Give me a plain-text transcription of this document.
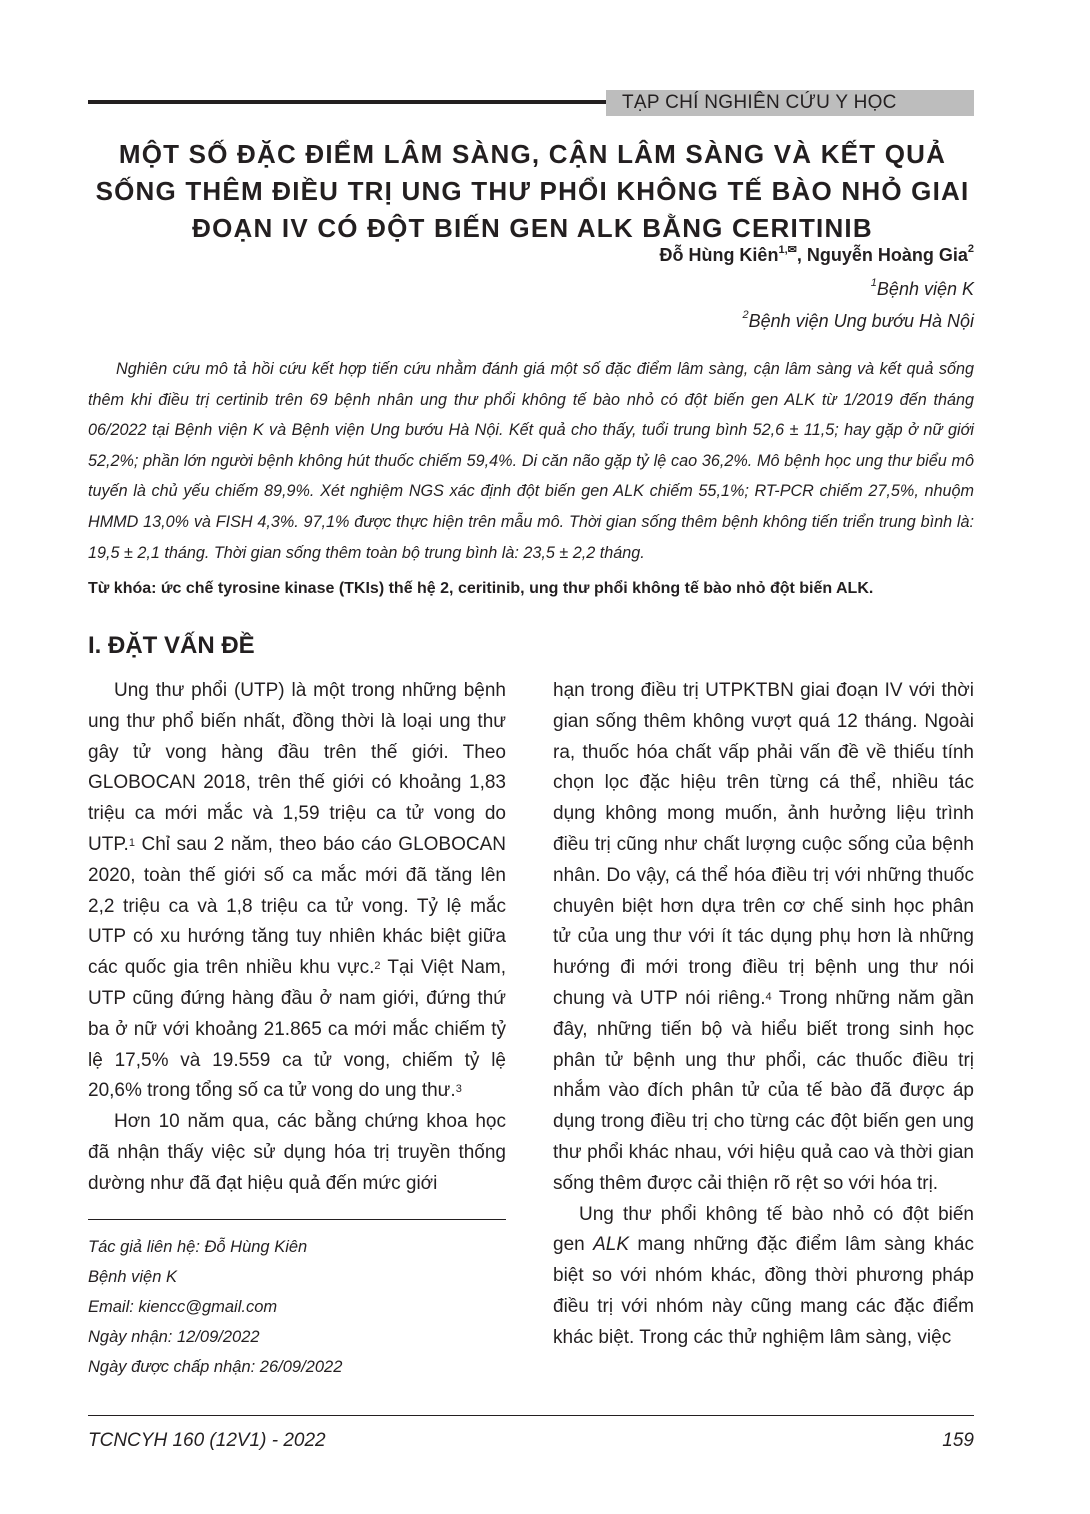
TẠP CHÍ NGHIÊN CỨU Y HỌC
MỘT SỐ ĐẶC ĐIỂM LÂM SÀNG, CẬN LÂM SÀNG VÀ KẾT QUẢ SỐNG THÊM ĐIỀU TRỊ UNG THƯ PHỔI KHÔNG TẾ BÀO NHỎ GIAI ĐOẠN IV CÓ ĐỘT BIẾN GEN ALK BẰNG CERITINIB
Đỗ Hùng Kiên$^{1,✉}$, Nguyễn Hoàng Gia$^2$
$^1$Bệnh viện K
$^2$Bệnh viện Ung bướu Hà Nội
Nghiên cứu mô tả hồi cứu kết hợp tiến cứu nhằm đánh giá một số đặc điểm lâm sàng, cận lâm sàng và kết quả sống thêm khi điều trị certinib trên 69 bệnh nhân ung thư phổi không tế bào nhỏ có đột biến gen ALK từ 1/2019 đến tháng 06/2022 tại Bệnh viện K và Bệnh viện Ung bướu Hà Nội. Kết quả cho thấy, tuổi trung bình 52,6 ± 11,5; hay gặp ở nữ giới 52,2%; phần lớn người bệnh không hút thuốc chiếm 59,4%. Di căn não gặp tỷ lệ cao 36,2%. Mô bệnh học ung thư biểu mô tuyến là chủ yếu chiếm 89,9%. Xét nghiệm NGS xác định đột biến gen ALK chiếm 55,1%; RT-PCR chiếm 27,5%, nhuộm HMMD 13,0% và FISH 4,3%. 97,1% được thực hiện trên mẫu mô. Thời gian sống thêm bệnh không tiến triển trung bình là: 19,5 ± 2,1 tháng. Thời gian sống thêm toàn bộ trung bình là: 23,5 ± 2,2 tháng.
Từ khóa: ức chế tyrosine kinase (TKIs) thế hệ 2, ceritinib, ung thư phổi không tế bào nhỏ đột biến ALK.
I. ĐẶT VẤN ĐỀ

Ung thư phổi (UTP) là một trong những bệnh ung thư phổ biến nhất, đồng thời là loại ung thư gây tử vong hàng đầu trên thế giới. Theo GLOBOCAN 2018, trên thế giới có khoảng 1,83 triệu ca mới mắc và 1,59 triệu ca tử vong do UTP.$^1$ Chỉ sau 2 năm, theo báo cáo GLOBOCAN 2020, toàn thế giới số ca mắc mới đã tăng lên 2,2 triệu ca và 1,8 triệu ca tử vong. Tỷ lệ mắc UTP có xu hướng tăng tuy nhiên khác biệt giữa các quốc gia trên nhiều khu vực.$^2$ Tại Việt Nam, UTP cũng đứng hàng đầu ở nam giới, đứng thứ ba ở nữ với khoảng 21.865 ca mới mắc chiếm tỷ lệ 17,5% và 19.559 ca tử vong, chiếm tỷ lệ 20,6% trong tổng số ca tử vong do ung thư.$^3$

Hơn 10 năm qua, các bằng chứng khoa học đã nhận thấy việc sử dụng hóa trị truyền thống dường như đã đạt hiệu quả đến mức giới

hạn trong điều trị UTPKTBN giai đoạn IV với thời gian sống thêm không vượt quá 12 tháng. Ngoài ra, thuốc hóa chất vấp phải vấn đề về thiếu tính chọn lọc đặc hiệu trên từng cá thể, nhiều tác dụng không mong muốn, ảnh hưởng liệu trình điều trị cũng như chất lượng cuộc sống của bệnh nhân. Do vậy, cá thể hóa điều trị với những thuốc chuyên biệt hơn dựa trên cơ chế sinh học phân tử của ung thư với ít tác dụng phụ hơn là những hướng đi mới trong điều trị bệnh ung thư nói chung và UTP nói riêng.$^4$ Trong những năm gần đây, những tiến bộ và hiểu biết trong sinh học phân tử bệnh ung thư phổi, các thuốc điều trị nhắm vào đích phân tử của tế bào đã được áp dụng trong điều trị cho từng các đột biến gen ung thư phổi khác nhau, với hiệu quả cao và thời gian sống thêm được cải thiện rõ rệt so với hóa trị.

Ung thư phổi không tế bào nhỏ có đột biến gen ALK mang những đặc điểm lâm sàng khác biệt so với nhóm khác, đồng thời phương pháp điều trị với nhóm này cũng mang các đặc điểm khác biệt. Trong các thử nghiệm lâm sàng, việc

Tác giả liên hệ: Đỗ Hùng Kiên
Bệnh viện K
Email: kiencc@gmail.com
Ngày nhận: 12/09/2022
Ngày được chấp nhận: 26/09/2022
TCNCYH 160 (12V1) - 2022	159
